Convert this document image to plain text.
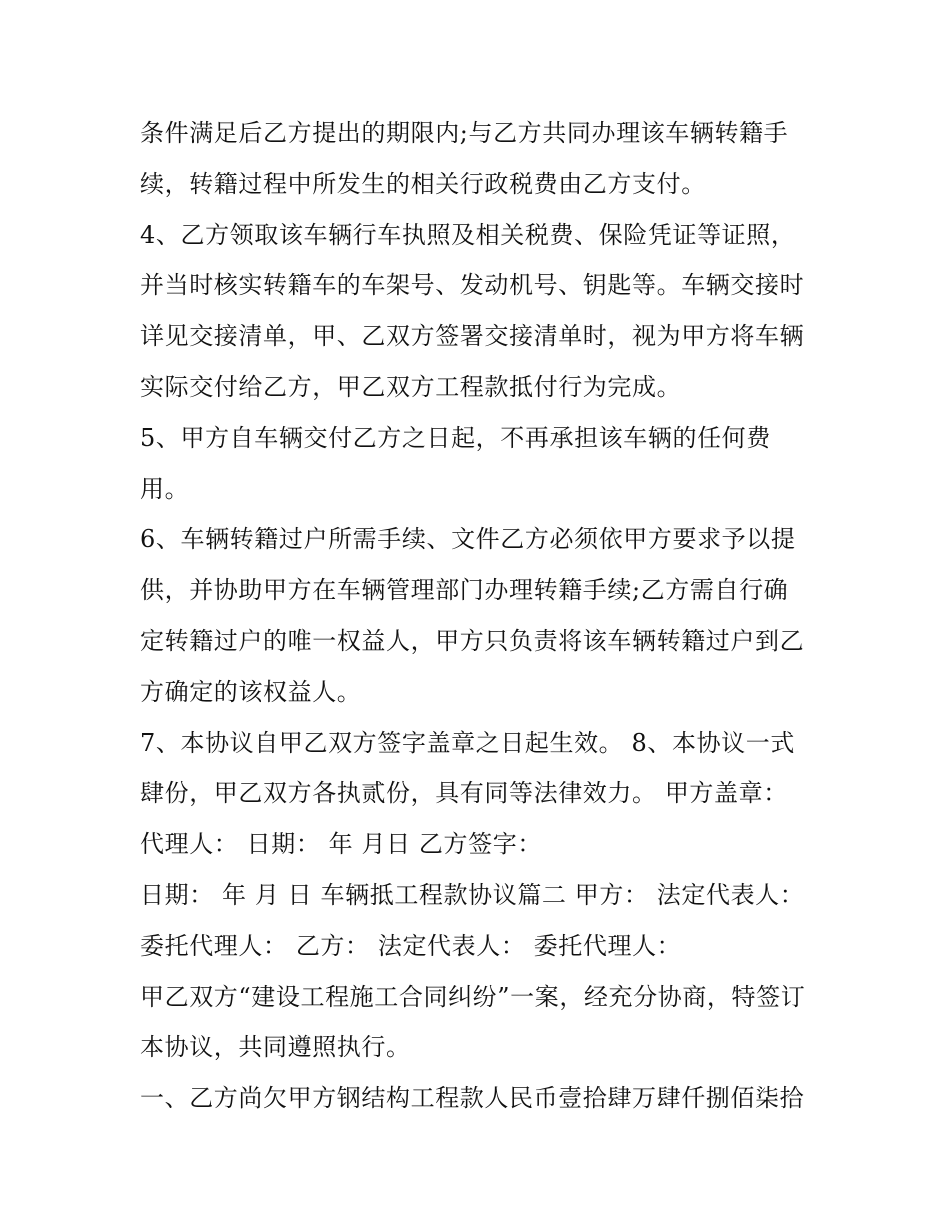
条件满足后乙方提出的期限内;与乙方共同办理该车辆转籍手
续，转籍过程中所发生的相关行政税费由乙方支付。
4、乙方领取该车辆行车执照及相关税费、保险凭证等证照，
并当时核实转籍车的车架号、发动机号、钥匙等。车辆交接时
详见交接清单，甲、乙双方签署交接清单时，视为甲方将车辆
实际交付给乙方，甲乙双方工程款抵付行为完成。
5、甲方自车辆交付乙方之日起，不再承担该车辆的任何费
用。
6、车辆转籍过户所需手续、文件乙方必须依甲方要求予以提
供，并协助甲方在车辆管理部门办理转籍手续;乙方需自行确
定转籍过户的唯一权益人，甲方只负责将该车辆转籍过户到乙
方确定的该权益人。
7、本协议自甲乙双方签字盖章之日起生效。 8、本协议一式
肆份，甲乙双方各执贰份，具有同等法律效力。 甲方盖章：
代理人： 日期： 年 月日 乙方签字：
日期： 年 月 日 车辆抵工程款协议篇二 甲方： 法定代表人：
委托代理人： 乙方： 法定代表人： 委托代理人：
甲乙双方“建设工程施工合同纠纷”一案，经充分协商，特签订
本协议，共同遵照执行。
一、乙方尚欠甲方钢结构工程款人民币壹拾肆万肆仟捌佰柒拾
